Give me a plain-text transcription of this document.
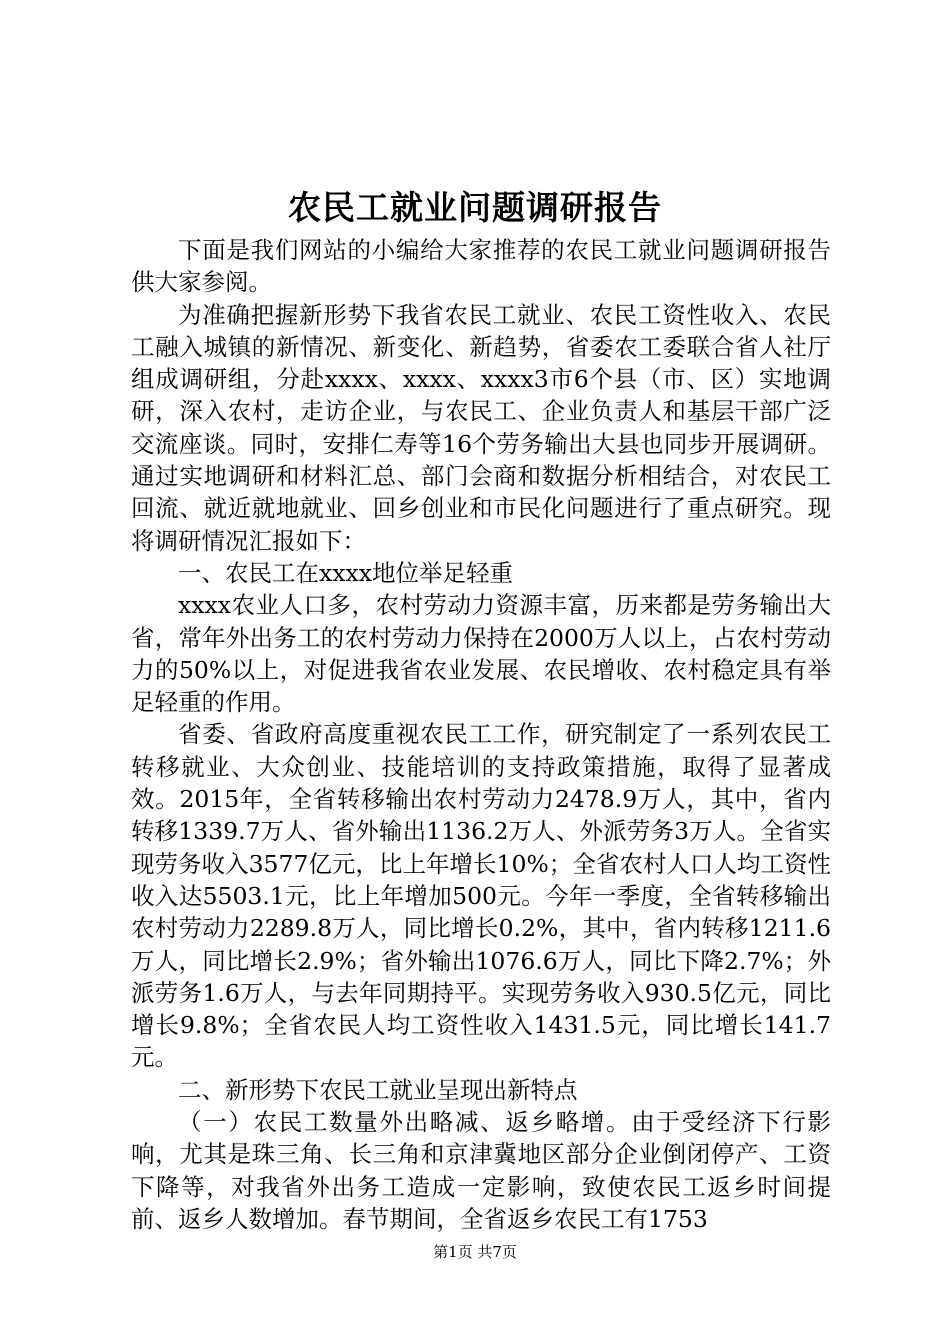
农民工就业问题调研报告

下面是我们网站的小编给大家推荐的农民工就业问题调研报告供大家参阅。

为准确把握新形势下我省农民工就业、农民工资性收入、农民工融入城镇的新情况、新变化、新趋势，省委农工委联合省人社厅组成调研组，分赴xxxx、xxxx、xxxx3市6个县（市、区）实地调研，深入农村，走访企业，与农民工、企业负责人和基层干部广泛交流座谈。同时，安排仁寿等16个劳务输出大县也同步开展调研。通过实地调研和材料汇总、部门会商和数据分析相结合，对农民工回流、就近就地就业、回乡创业和市民化问题进行了重点研究。现将调研情况汇报如下：

一、农民工在xxxx地位举足轻重

xxxx农业人口多，农村劳动力资源丰富，历来都是劳务输出大省，常年外出务工的农村劳动力保持在2000万人以上，占农村劳动力的50%以上，对促进我省农业发展、农民增收、农村稳定具有举足轻重的作用。

省委、省政府高度重视农民工工作，研究制定了一系列农民工转移就业、大众创业、技能培训的支持政策措施，取得了显著成效。2015年，全省转移输出农村劳动力2478.9万人，其中，省内转移1339.7万人、省外输出1136.2万人、外派劳务3万人。全省实现劳务收入3577亿元，比上年增长10%；全省农村人口人均工资性收入达5503.1元，比上年增加500元。今年一季度，全省转移输出农村劳动力2289.8万人，同比增长0.2%，其中，省内转移1211.6万人，同比增长2.9%；省外输出1076.6万人，同比下降2.7%；外派劳务1.6万人，与去年同期持平。实现劳务收入930.5亿元，同比增长9.8%；全省农民人均工资性收入1431.5元，同比增长141.7元。

二、新形势下农民工就业呈现出新特点

（一）农民工数量外出略减、返乡略增。由于受经济下行影响，尤其是珠三角、长三角和京津冀地区部分企业倒闭停产、工资下降等，对我省外出务工造成一定影响，致使农民工返乡时间提前、返乡人数增加。春节期间，全省返乡农民工有1753

第1页 共7页
